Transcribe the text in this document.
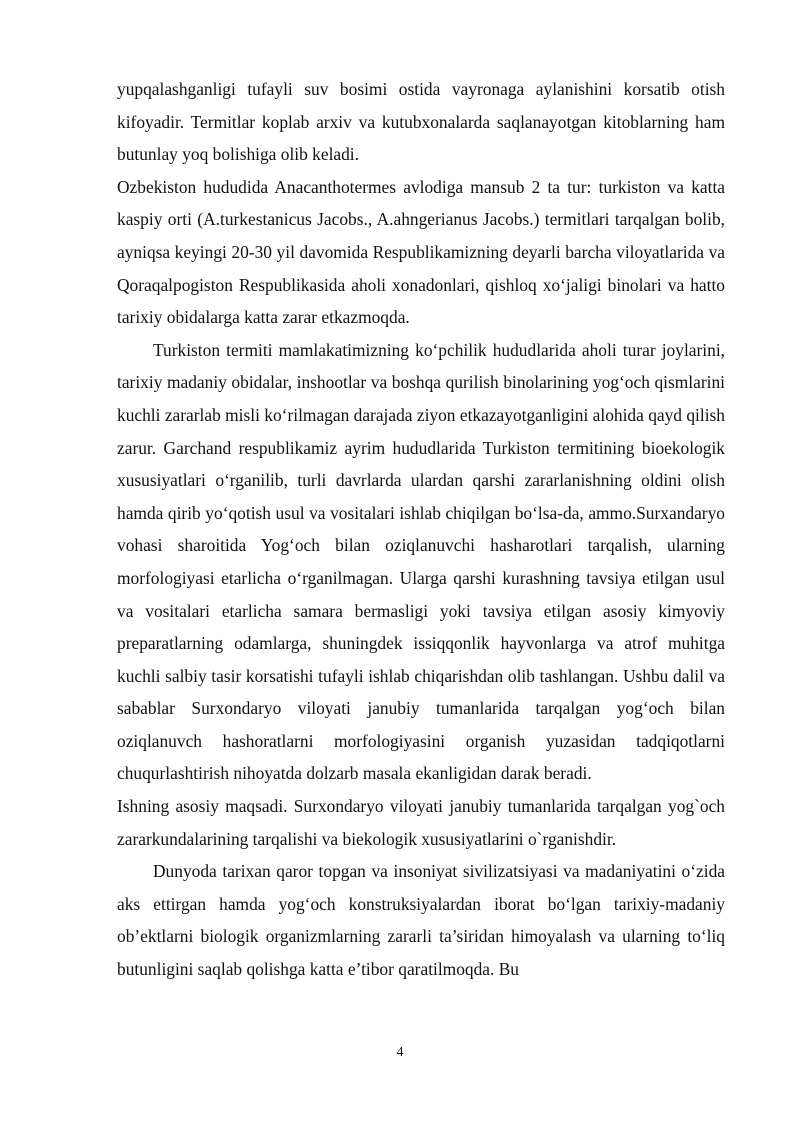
yupqalashganligi tufayli suv bosimi ostida vayronaga aylanishini korsatib otish kifoyadir. Termitlar koplab arxiv va kutubxonalarda saqlanayotgan kitoblarning ham butunlay yoq bolishiga olib keladi.

Ozbekiston hududida Anacanthotermes avlodiga mansub 2 ta tur: turkiston va katta kaspiy orti (A.turkestanicus Jacobs., A.ahngerianus Jacobs.) termitlari tarqalgan bolib, ayniqsa keyingi 20-30 yil davomida Respublikamizning deyarli barcha viloyatlarida va Qoraqalpogiston Respublikasida aholi xonadonlari, qishloq xo‘jaligi binolari va hatto tarixiy obidalarga katta zarar etkazmoqda.

Turkiston termiti mamlakatimizning ko‘pchilik hududlarida aholi turar joylarini, tarixiy madaniy obidalar, inshootlar va boshqa qurilish binolarining yog‘och qismlarini kuchli zararlab misli ko‘rilmagan darajada ziyon etkazayotganligini alohida qayd qilish zarur. Garchand respublikamiz ayrim hududlarida Turkiston termitining bioekologik xususiyatlari o‘rganilib, turli davrlarda ulardan qarshi zararlanishning oldini olish hamda qirib yo‘qotish usul va vositalari ishlab chiqilgan bo‘lsa-da, ammo.Surxandaryo vohasi sharoitida Yog‘och bilan oziqlanuvchi hasharotlari tarqalish, ularning morfologiyasi etarlicha o‘rganilmagan. Ularga qarshi kurashning tavsiya etilgan usul va vositalari etarlicha samara bermasligi yoki tavsiya etilgan asosiy kimyoviy preparatlarning odamlarga, shuningdek issiqqonlik hayvonlarga va atrof muhitga kuchli salbiy tasir korsatishi tufayli ishlab chiqarishdan olib tashlangan. Ushbu dalil va sabablar Surxondaryo viloyati janubiy tumanlarida tarqalgan yog‘och bilan oziqlanuvch hashoratlarni morfologiyasini organish yuzasidan tadqiqotlarni chuqurlashtirish nihoyatda dolzarb masala ekanligidan darak beradi.

Ishning asosiy maqsadi. Surxondaryo viloyati janubiy tumanlarida tarqalgan yog`och zararkundalarining tarqalishi va biekologik xususiyatlarini o`rganishdir.

Dunyoda tarixan qaror topgan va insoniyat sivilizatsiyasi va madaniyatini o‘zida aks ettirgan hamda yog‘och konstruksiyalardan iborat bo‘lgan tarixiy-madaniy ob’ektlarni biologik organizmlarning zararli ta’siridan himoyalash va ularning to‘liq butunligini saqlab qolishga katta e’tibor qaratilmoqda. Bu

4
